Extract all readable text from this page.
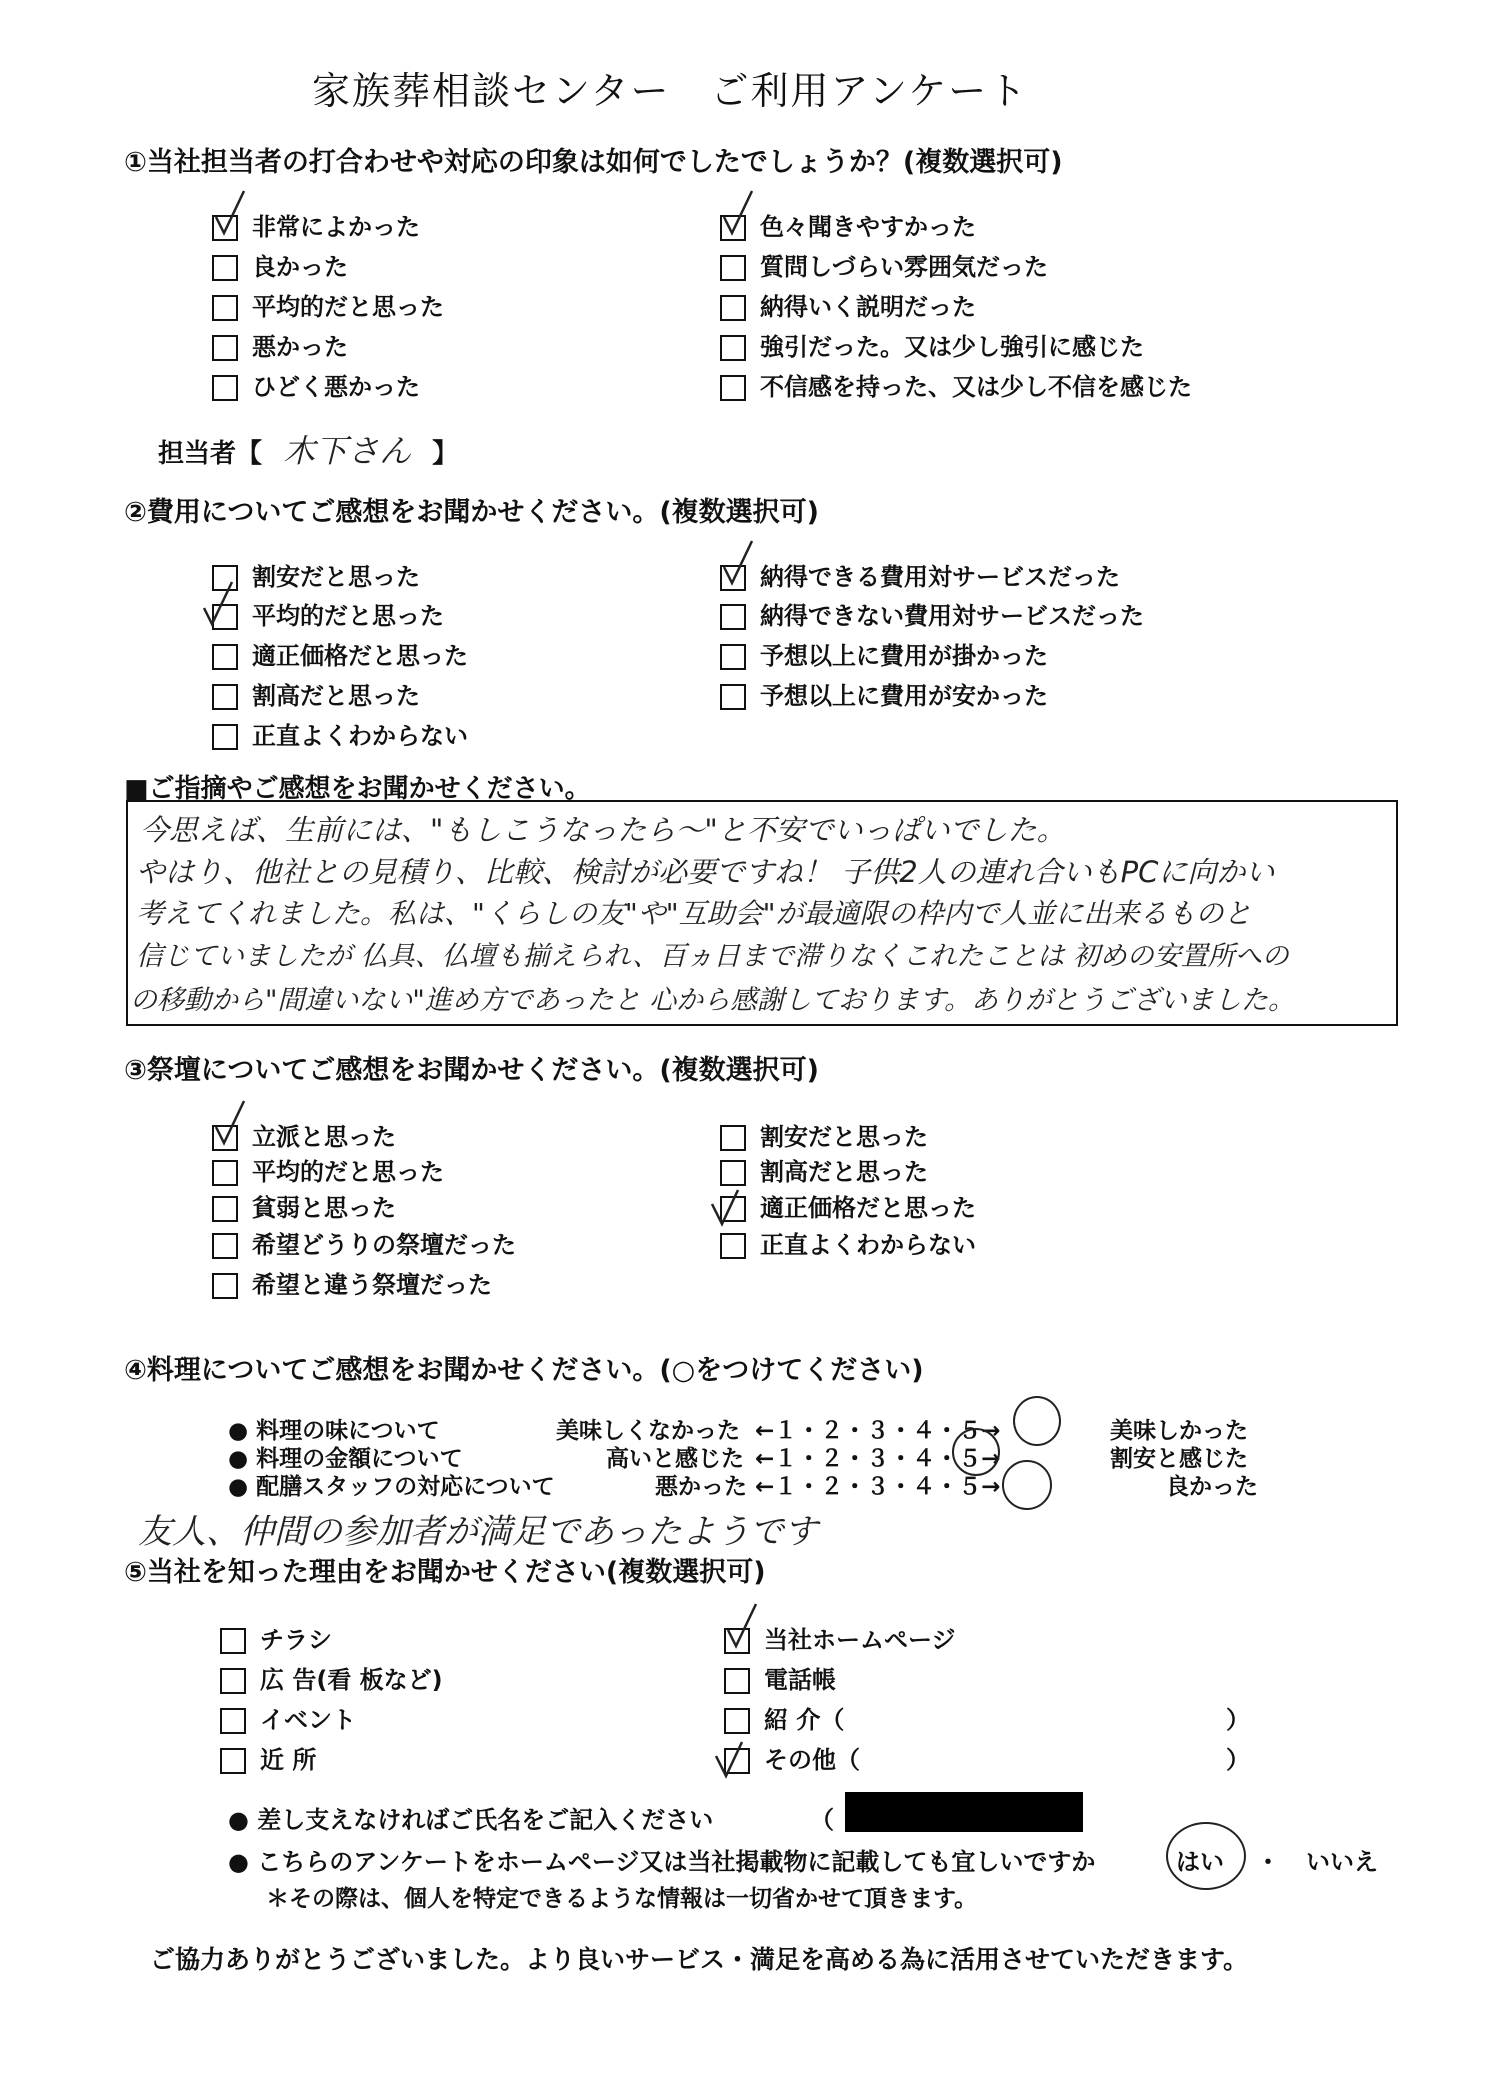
家族葬相談センター　ご利用アンケート
①当社担当者の打合わせや対応の印象は如何でしたでしょうか？(複数選択可)
非常によかった
良かった
平均的だと思った
悪かった
ひどく悪かった
色々聞きやすかった
質問しづらい雰囲気だった
納得いく説明だった
強引だった。又は少し強引に感じた
不信感を持った、又は少し不信を感じた
担当者【 木下さん 】
②費用についてご感想をお聞かせください。(複数選択可)
割安だと思った
平均的だと思った
適正価格だと思った
割高だと思った
正直よくわからない
納得できる費用対サービスだった
納得できない費用対サービスだった
予想以上に費用が掛かった
予想以上に費用が安かった
■ご指摘やご感想をお聞かせください。
今思えば、生前には、"もしこうなったら～"と不安でいっぱいでした。
やはり、他社との見積り、比較、検討が必要ですね！ 子供2人の連れ合いもPCに向かい
考えてくれました。私は、"くらしの友"や"互助会"が最適限の枠内で人並に出来るものと
信じていましたが 仏具、仏壇も揃えられ、百ヵ日まで滞りなくこれたことは 初めの安置所への
の移動から"間違いない"進め方であったと 心から感謝しております。ありがとうございました。
③祭壇についてご感想をお聞かせください。(複数選択可)
立派と思った
平均的だと思った
貧弱と思った
希望どうりの祭壇だった
希望と違う祭壇だった
割安だと思った
割高だと思った
適正価格だと思った
正直よくわからない
④料理についてご感想をお聞かせください。(○をつけてください)
● 料理の味について	美味しくなかった ←１・２・３・４・５→	美味しかった
● 料理の金額について	高いと感じた ←１・２・３・４・５→	割安と感じた
● 配膳スタッフの対応について	悪かった ←１・２・３・４・５→	良かった
友人、仲間の参加者が満足であったようです
⑤当社を知った理由をお聞かせください(複数選択可)
チラシ
広 告(看 板など)
イベント
近 所
当社ホームページ
電話帳
紹 介（	）
その他（	）
● 差し支えなければご氏名をご記入ください	（
● こちらのアンケートをホームページ又は当社掲載物に記載しても宜しいですか	はい ・ いいえ
＊その際は、個人を特定できるような情報は一切省かせて頂きます。
ご協力ありがとうございました。より良いサービス・満足を高める為に活用させていただきます。
